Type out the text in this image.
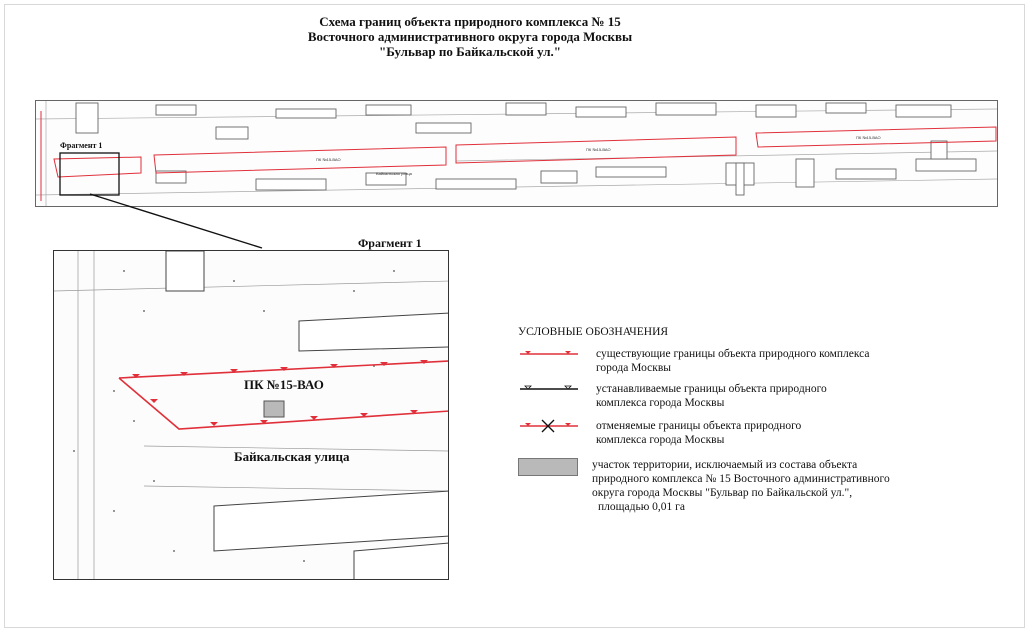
Схема границ объекта природного комплекса № 15
Восточного административного округа города Москвы
"Бульвар по Байкальской ул."
ПК №15-ВАО
ПК №15-ВАО
ПК №15-ВАО
Байкальская улица
Фрагмент 1
Фрагмент 1
ПК №15-ВАО
Байкальская улица
УСЛОВНЫЕ ОБОЗНАЧЕНИЯ
существующие границы объекта природного комплекса
города Москвы
устанавливаемые границы объекта природного
комплекса города Москвы
отменяемые границы объекта природного
комплекса города Москвы
участок территории, исключаемый из состава объекта
природного комплекса № 15 Восточного административного
округа города Москвы "Бульвар по Байкальской ул.",
площадью 0,01 га
